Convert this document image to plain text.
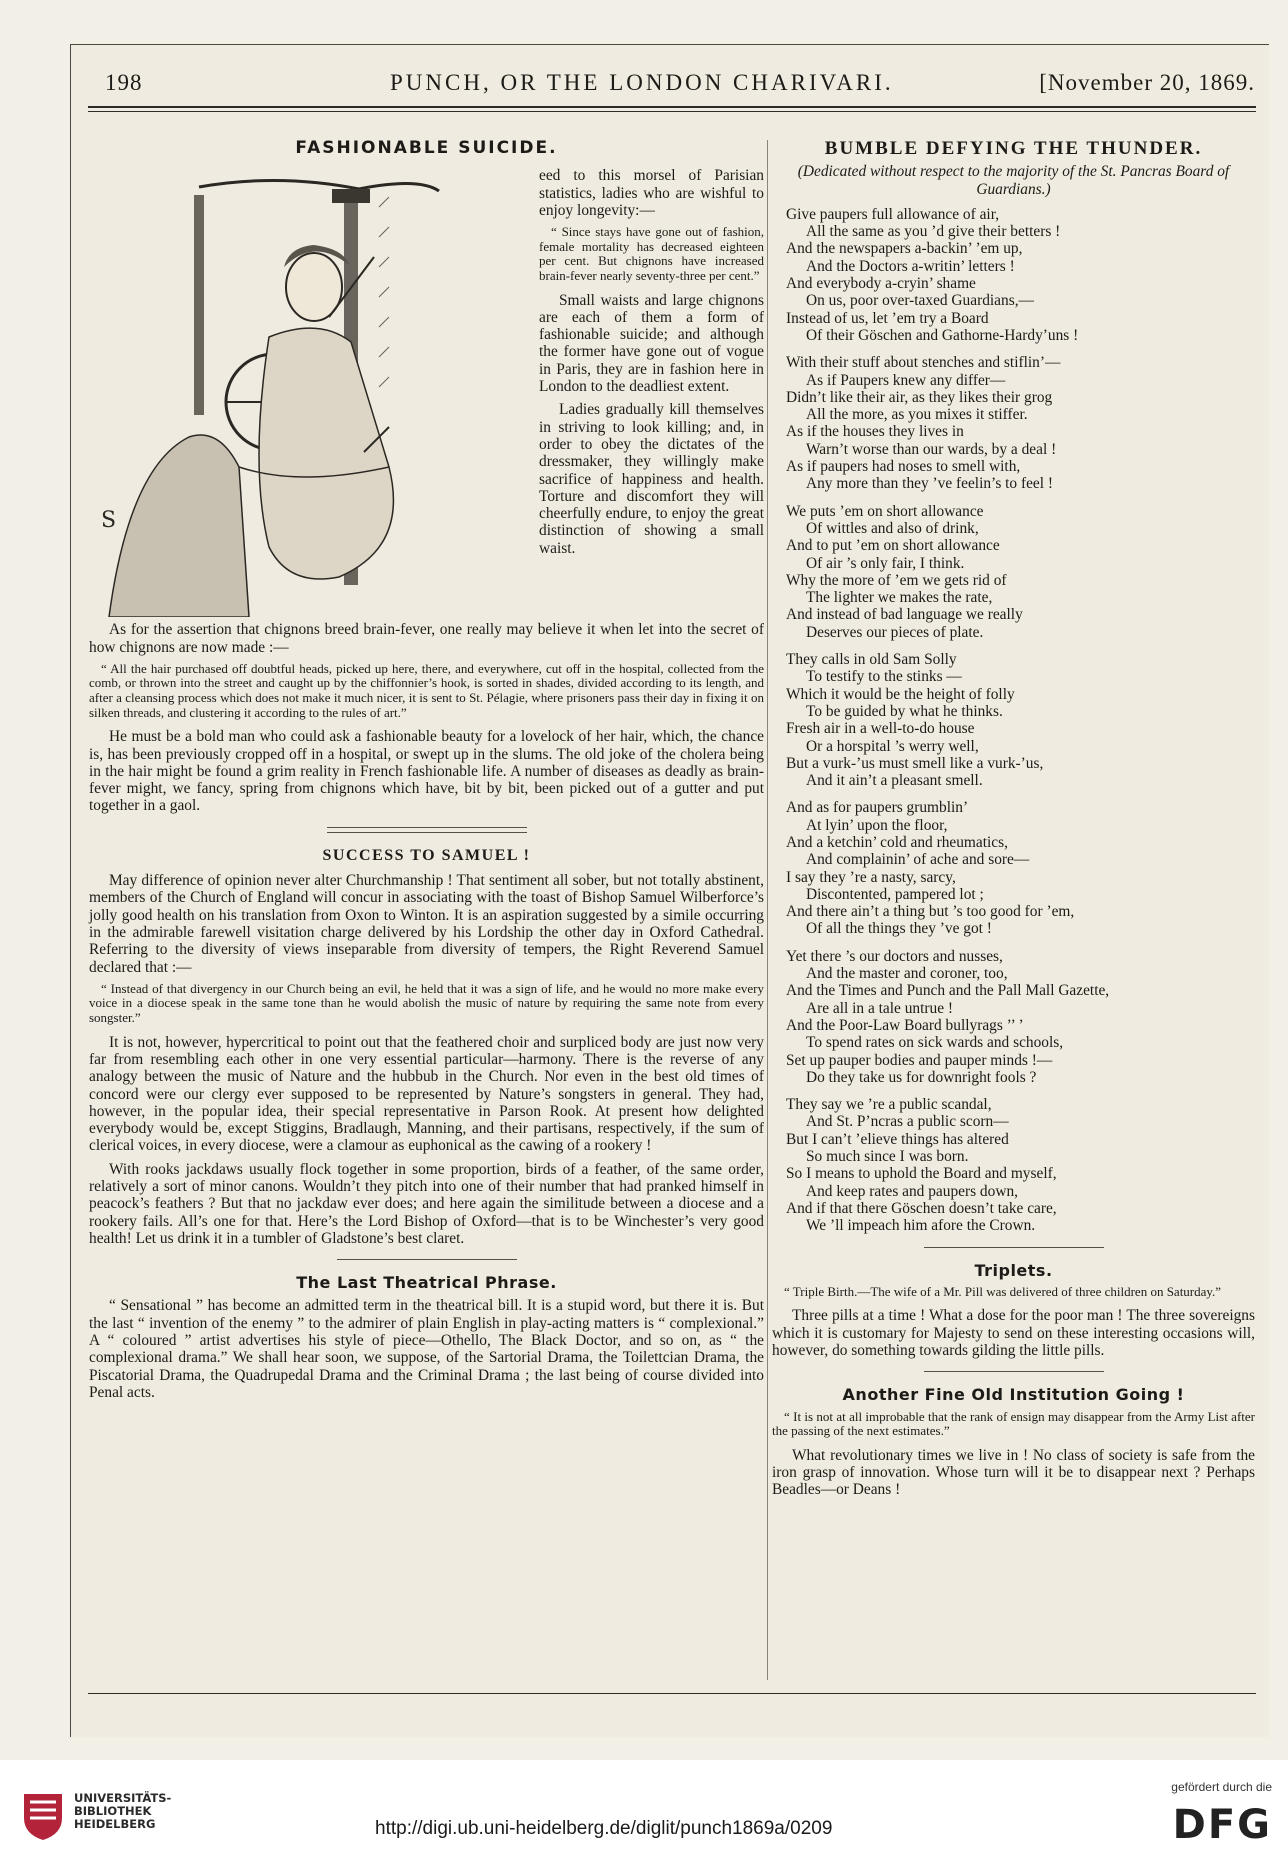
198	PUNCH, OR THE LONDON CHARIVARI.	[November 20, 1869.
FASHIONABLE SUICIDE.
S

eed to this morsel of Parisian statistics, ladies who are wishful to enjoy longevity:—

“ Since stays have gone out of fashion, female mortality has decreased eighteen per cent. But chignons have increased brain-fever nearly seventy-three per cent.”

Small waists and large chignons are each of them a form of fashionable suicide; and although the former have gone out of vogue in Paris, they are in fashion here in London to the deadliest extent.

Ladies gradually kill themselves in striving to look killing; and, in order to obey the dictates of the dressmaker, they willingly make sacrifice of happiness and health. Torture and discomfort they will cheerfully endure, to enjoy the great distinction of showing a small waist.

As for the assertion that chignons breed brain-fever, one really may believe it when let into the secret of how chignons are now made :—

“ All the hair purchased off doubtful heads, picked up here, there, and everywhere, cut off in the hospital, collected from the comb, or thrown into the street and caught up by the chiffonnier’s hook, is sorted in shades, divided according to its length, and after a cleansing process which does not make it much nicer, it is sent to St. Pélagie, where prisoners pass their day in fixing it on silken threads, and clustering it according to the rules of art.”

He must be a bold man who could ask a fashionable beauty for a lovelock of her hair, which, the chance is, has been previously cropped off in a hospital, or swept up in the slums. The old joke of the cholera being in the hair might be found a grim reality in French fashionable life. A number of diseases as deadly as brain-fever might, we fancy, spring from chignons which have, bit by bit, been picked out of a gutter and put together in a gaol.

SUCCESS TO SAMUEL !

May difference of opinion never alter Churchmanship ! That sentiment all sober, but not totally abstinent, members of the Church of England will concur in associating with the toast of Bishop Samuel Wilberforce’s jolly good health on his translation from Oxon to Winton. It is an aspiration suggested by a simile occurring in the admirable farewell visitation charge delivered by his Lordship the other day in Oxford Cathedral. Referring to the diversity of views inseparable from diversity of tempers, the Right Reverend Samuel declared that :—

“ Instead of that divergency in our Church being an evil, he held that it was a sign of life, and he would no more make every voice in a diocese speak in the same tone than he would abolish the music of nature by requiring the same note from every songster.”

It is not, however, hypercritical to point out that the feathered choir and surpliced body are just now very far from resembling each other in one very essential particular—harmony. There is the reverse of any analogy between the music of Nature and the hubbub in the Church. Nor even in the best old times of concord were our clergy ever supposed to be represented by Nature’s songsters in general. They had, however, in the popular idea, their special representative in Parson Rook. At present how delighted everybody would be, except Stiggins, Bradlaugh, Manning, and their partisans, respectively, if the sum of clerical voices, in every diocese, were a clamour as euphonical as the cawing of a rookery !

With rooks jackdaws usually flock together in some proportion, birds of a feather, of the same order, relatively a sort of minor canons. Wouldn’t they pitch into one of their number that had pranked himself in peacock’s feathers ? But that no jackdaw ever does; and here again the similitude between a diocese and a rookery fails. All’s one for that. Here’s the Lord Bishop of Oxford—that is to be Winchester’s very good health! Let us drink it in a tumbler of Gladstone’s best claret.

The Last Theatrical Phrase.

“ Sensational ” has become an admitted term in the theatrical bill. It is a stupid word, but there it is. But the last “ invention of the enemy ” to the admirer of plain English in play-acting matters is “ complexional.” A “ coloured ” artist advertises his style of piece—Othello, The Black Doctor, and so on, as “ the complexional drama.” We shall hear soon, we suppose, of the Sartorial Drama, the Toilettcian Drama, the Piscatorial Drama, the Quadrupedal Drama and the Criminal Drama ; the last being of course divided into Penal acts.

BUMBLE DEFYING THE THUNDER.

(Dedicated without respect to the majority of the St. Pancras Board of Guardians.)

Give paupers full allowance of air,
All the same as you ’d give their betters !
And the newspapers a-backin’ ’em up,
And the Doctors a-writin’ letters !
And everybody a-cryin’ shame
On us, poor over-taxed Guardians,—
Instead of us, let ’em try a Board
Of their Göschen and Gathorne-Hardy’uns !
With their stuff about stenches and stiflin’—
As if Paupers knew any differ—
Didn’t like their air, as they likes their grog
All the more, as you mixes it stiffer.
As if the houses they lives in
Warn’t worse than our wards, by a deal !
As if paupers had noses to smell with,
Any more than they ’ve feelin’s to feel !
We puts ’em on short allowance
Of wittles and also of drink,
And to put ’em on short allowance
Of air ’s only fair, I think.
Why the more of ’em we gets rid of
The lighter we makes the rate,
And instead of bad language we really
Deserves our pieces of plate.
They calls in old Sam Solly
To testify to the stinks —
Which it would be the height of folly
To be guided by what he thinks.
Fresh air in a well-to-do house
Or a horspital ’s werry well,
But a vurk-’us must smell like a vurk-’us,
And it ain’t a pleasant smell.
And as for paupers grumblin’
At lyin’ upon the floor,
And a ketchin’ cold and rheumatics,
And complainin’ of ache and sore—
I say they ’re a nasty, sarcy,
Discontented, pampered lot ;
And there ain’t a thing but ’s too good for ’em,
Of all the things they ’ve got !
Yet there ’s our doctors and nusses,
And the master and coroner, too,
And the Times and Punch and the Pall Mall Gazette,
Are all in a tale untrue !
And the Poor-Law Board bullyrags ’’ ’
To spend rates on sick wards and schools,
Set up pauper bodies and pauper minds !—
Do they take us for downright fools ?
They say we ’re a public scandal,
And St. P’ncras a public scorn—
But I can’t ’elieve things has altered
So much since I was born.
So I means to uphold the Board and myself,
And keep rates and paupers down,
And if that there Göschen doesn’t take care,
We ’ll impeach him afore the Crown.
Triplets.

“ Triple Birth.—The wife of a Mr. Pill was delivered of three children on Saturday.”

Three pills at a time ! What a dose for the poor man ! The three sovereigns which it is customary for Majesty to send on these interesting occasions will, however, do something towards gilding the little pills.

Another Fine Old Institution Going !

“ It is not at all improbable that the rank of ensign may disappear from the Army List after the passing of the next estimates.”

What revolutionary times we live in ! No class of society is safe from the iron grasp of innovation. Whose turn will it be to disappear next ? Perhaps Beadles—or Deans !

UNIVERSITÄTS-
BIBLIOTHEK
HEIDELBERG	http://digi.ub.uni-heidelberg.de/diglit/punch1869a/0209
gefördert durch die
DFG
